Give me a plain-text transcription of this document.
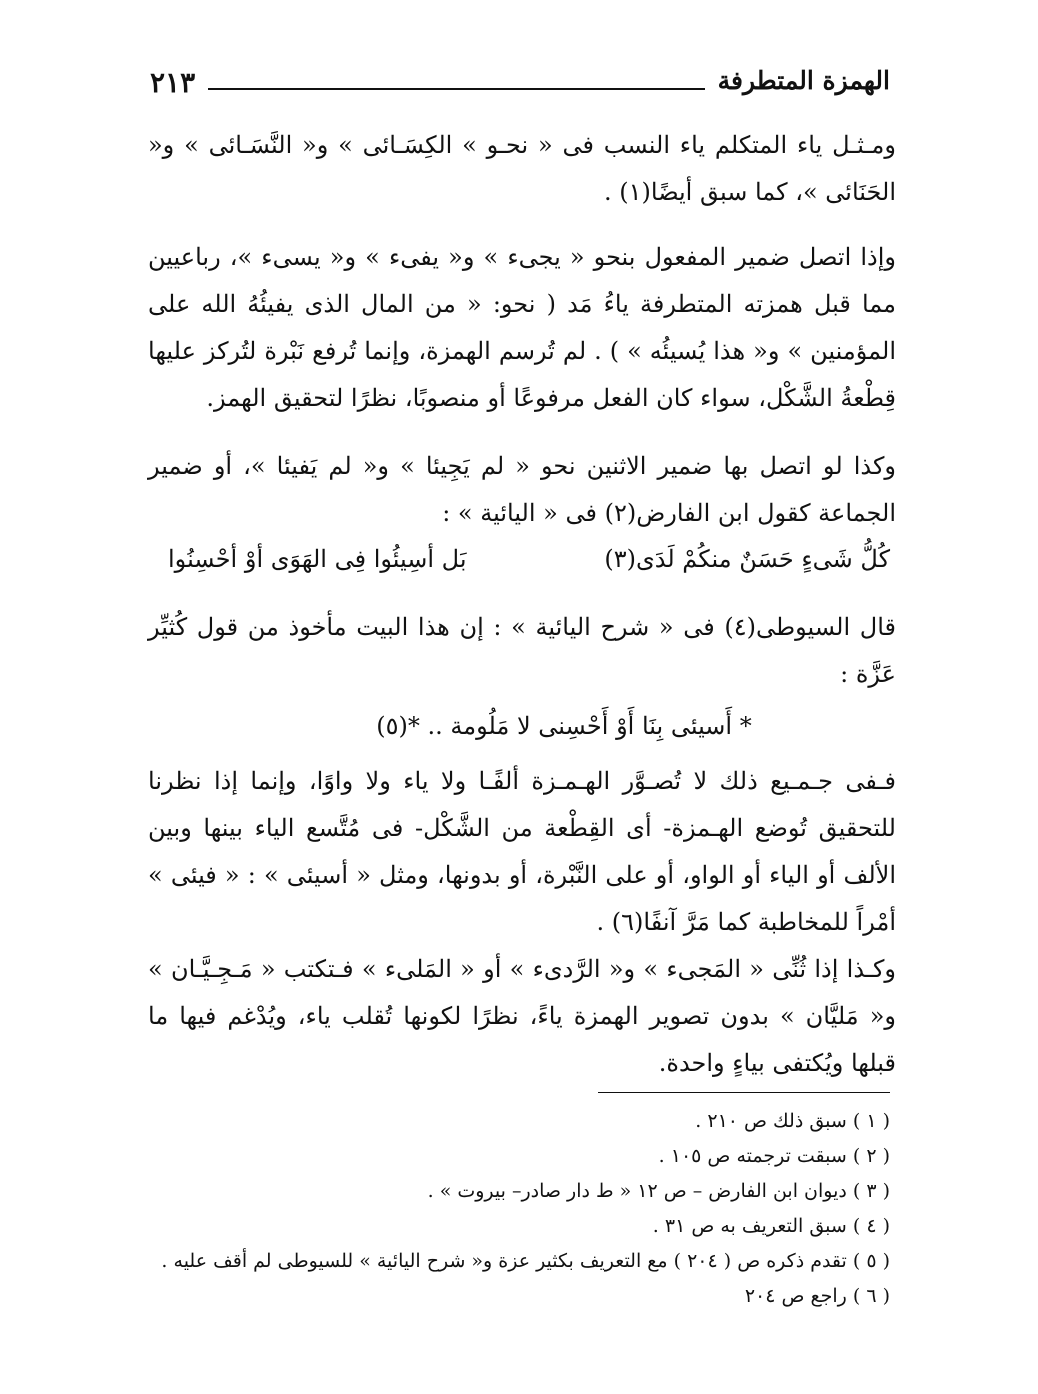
الهمزة المتطرفة
٢١٣

ومـثـل ياء المتكلم ياء النسب فى « نحـو » الكِسَـائى » و« النَّسَـائى » و« الحَنَائى »، كما سبق أيضًا(١) .

وإذا اتصل ضمير المفعول بنحو « يجىء » و« يفىء » و« يسىء »، رباعيين مما قبل همزته المتطرفة ياءُ مَد ( نحو: « من المال الذى يفيئُهُ الله على المؤمنين » و« هذا يُسيئُه » ) . لم تُرسم الهمزة، وإنما تُرفع نَبْرة لتُركز عليها قِطْعةُ الشَّكْل، سواء كان الفعل مرفوعًا أو منصوبًا، نظرًا لتحقيق الهمز.

وكذا لو اتصل بها ضمير الاثنين نحو « لم يَجِيئا » و« لم يَفيئا »، أو ضمير الجماعة كقول ابن الفارض(٢) فى « اليائية » :

بَل أسِيئُوا فِى الهَوَى أوْ أحْسِنُوا	كُلُّ شَىءٍ حَسَنٌ منكُمْ لَدَى(٣)

قال السيوطى(٤) فى « شرح اليائية » : إن هذا البيت مأخوذ من قول كُثيِّر عَزَّة :

* أَسيئى بِنَا أَوْ أَحْسِنى لا مَلُومة .. *(٥)

فـفى جـمـيع ذلك لا تُصـوَّر الهـمـزة ألفًـا ولا ياء ولا واوًا، وإنما إذا نظرنا للتحقيق تُوضع الهـمزة- أى القِطْعة من الشَّكْل- فى مُتَّسع الياء بينها وبين الألف أو الياء أو الواو، أو على النَّبْرة، أو بدونها، ومثل « أسيئى » : « فيئى » أمْراً للمخاطبة كما مَرَّ آنفًا(٦) .

وكـذا إذا ثُنِّى « المَجىء » و« الرَّدىء » أو « المَلىء » فـتكتب « مَـجِـيَّـان » و« مَليَّان » بدون تصوير الهمزة ياءً، نظرًا لكونها تُقلب ياء، ويُدْغم فيها ما قبلها ويُكتفى بياءٍ واحدة.

( ١ ) سبق ذلك ص ٢١٠ .
( ٢ ) سبقت ترجمته ص ١٠٥ .
( ٣ ) ديوان ابن الفارض – ص ١٢ « ط دار صادر– بيروت » .
( ٤ ) سبق التعريف به ص ٣١ .
( ٥ ) تقدم ذكره ص ( ٢٠٤ ) مع التعريف بكثير عزة و« شرح اليائية » للسيوطى لم أقف عليه .
( ٦ ) راجع ص ٢٠٤
